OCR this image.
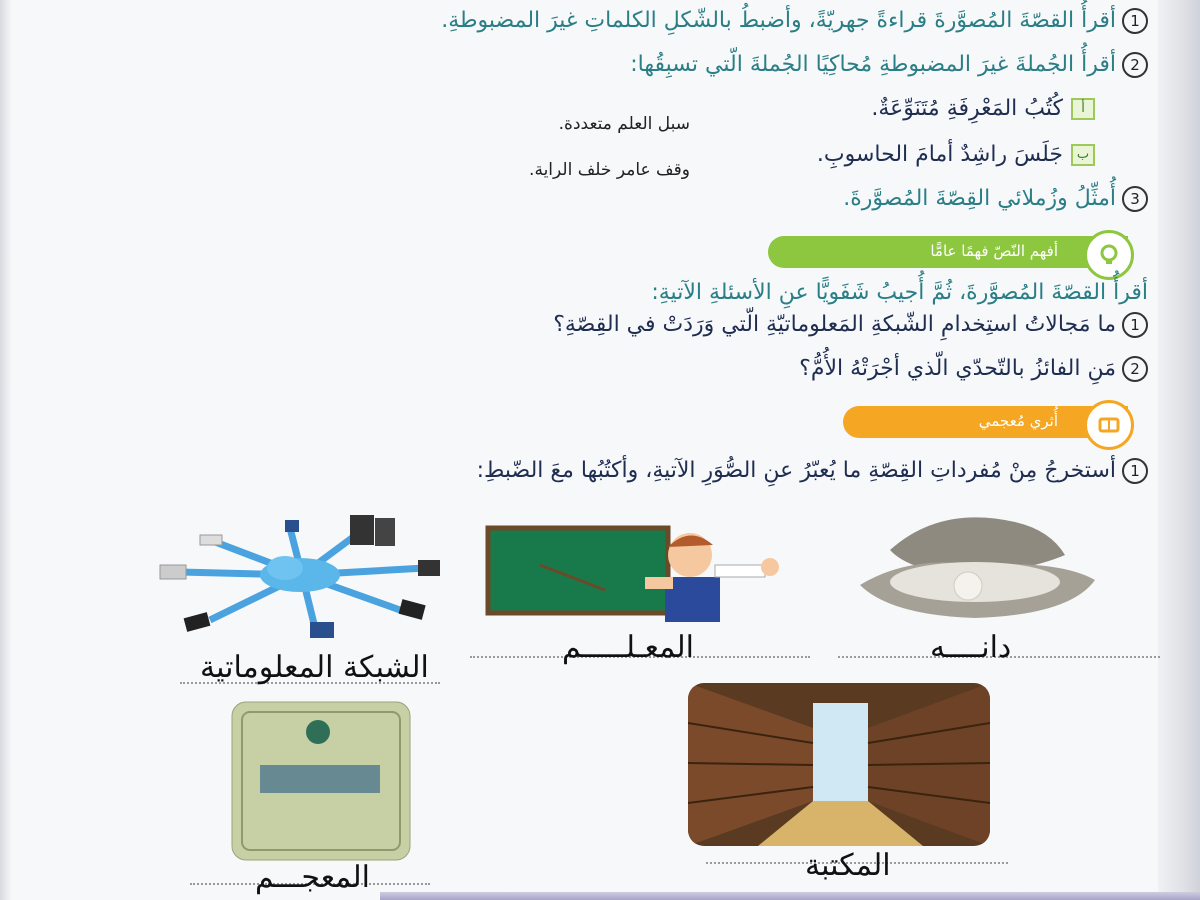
1أقرأُ القصّةَ المُصوَّرةَ قراءةً جهريّةً، وأضبطُ بالشّكلِ الكلماتِ غيرَ المضبوطةِ.
2أقرأُ الجُملةَ غيرَ المضبوطةِ مُحاكِيًا الجُملةَ الّتي تسبِقُها:
أكُتُبُ المَعْرِفَةِ مُتَنَوِّعَةٌ.
سبل العلم متعددة.
بجَلَسَ راشِدٌ أمامَ الحاسوبِ.
وقف عامر خلف الراية.
3أُمثِّلُ وزُملائي القِصّةَ المُصوَّرةَ.
أفهم النّصّ فهمًا عامًّا
أقرأُ القصّةَ المُصوَّرةَ، ثُمَّ أُجيبُ شَفَويًّا عنِ الأسئلةِ الآتيةِ:
1ما مَجالاتُ استِخدامِ الشّبكةِ المَعلوماتيّةِ الّتي وَرَدَتْ في القِصّةِ؟
2مَنِ الفائزُ بالتّحدّي الّذي أجْرَتْهُ الأُمُّ؟
أُثري مُعجمي
1أستخرجُ مِنْ مُفرداتِ القِصّةِ ما يُعبّرُ عنِ الصُّوَرِ الآتيةِ، وأكتُبُها معَ الضّبطِ:
دانــــه
المعـلـــــم
الشبكة المعلوماتية
المكتبة
المعجـــم
